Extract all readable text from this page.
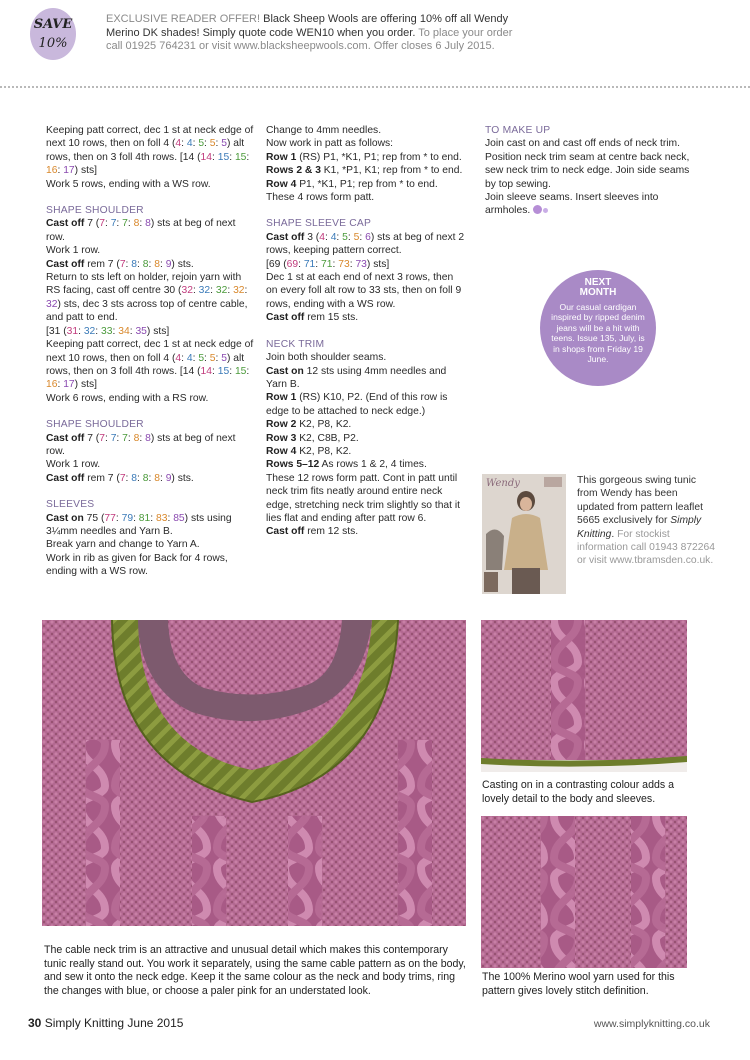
SAVE
10%
EXCLUSIVE READER OFFER! Black Sheep Wools are offering 10% off all Wendy Merino DK shades! Simply quote code WEN10 when you order. To place your order call 01925 764231 or visit www.blacksheepwools.com. Offer closes 6 July 2015.

Keeping patt correct, dec 1 st at neck edge of next 10 rows, then on foll 4 (4: 4: 5: 5: 5) alt rows, then on 3 foll 4th rows. [14 (14: 15: 15: 16: 17) sts]
Work 5 rows, ending with a WS row.

SHAPE SHOULDER

Cast off 7 (7: 7: 7: 8: 8) sts at beg of next row.
Work 1 row.
Cast off rem 7 (7: 8: 8: 8: 9) sts.
Return to sts left on holder, rejoin yarn with RS facing, cast off centre 30 (32: 32: 32: 32: 32) sts, dec 3 sts across top of centre cable, and patt to end.
[31 (31: 32: 33: 34: 35) sts]
Keeping patt correct, dec 1 st at neck edge of next 10 rows, then on foll 4 (4: 4: 5: 5: 5) alt rows, then on 3 foll 4th rows. [14 (14: 15: 15: 16: 17) sts]
Work 6 rows, ending with a RS row.

SHAPE SHOULDER

Cast off 7 (7: 7: 7: 8: 8) sts at beg of next row.
Work 1 row.
Cast off rem 7 (7: 8: 8: 8: 9) sts.

SLEEVES

Cast on 75 (77: 79: 81: 83: 85) sts using 3¼mm needles and Yarn B.
Break yarn and change to Yarn A.
Work in rib as given for Back for 4 rows, ending with a WS row.

Change to 4mm needles.
Now work in patt as follows:
Row 1 (RS) P1, *K1, P1; rep from * to end.
Rows 2 & 3 K1, *P1, K1; rep from * to end.
Row 4 P1, *K1, P1; rep from * to end.
These 4 rows form patt.

SHAPE SLEEVE CAP

Cast off 3 (4: 4: 5: 5: 6) sts at beg of next 2 rows, keeping pattern correct.
[69 (69: 71: 71: 73: 73) sts]
Dec 1 st at each end of next 3 rows, then on every foll alt row to 33 sts, then on foll 9 rows, ending with a WS row.
Cast off rem 15 sts.

NECK TRIM

Join both shoulder seams.
Cast on 12 sts using 4mm needles and Yarn B.
Row 1 (RS) K10, P2. (End of this row is edge to be attached to neck edge.)
Row 2 K2, P8, K2.
Row 3 K2, C8B, P2.
Row 4 K2, P8, K2.
Rows 5–12 As rows 1 & 2, 4 times.
These 12 rows form patt. Cont in patt until neck trim fits neatly around entire neck edge, stretching neck trim slightly so that it lies flat and ending after patt row 6.
Cast off rem 12 sts.

TO MAKE UP

Join cast on and cast off ends of neck trim.
Position neck trim seam at centre back neck, sew neck trim to neck edge. Join side seams by top sewing.
Join sleeve seams. Insert sleeves into armholes.

NEXT
MONTH
Our casual cardigan inspired by ripped denim jeans will be a hit with teens. Issue 135, July, is in shops from Friday 19 June.
Wendy	This gorgeous swing tunic from Wendy has been updated from pattern leaflet 5665 exclusively for Simply Knitting. For stockist information call 01943 872264 or visit www.tbramsden.co.uk.
The cable neck trim is an attractive and unusual detail which makes this contemporary tunic really stand out. You work it separately, using the same cable pattern as on the body, and sew it onto the neck edge. Keep it the same colour as the neck and body trims, ring the changes with blue, or choose a paler pink for an understated look.
Casting on in a contrasting colour adds a lovely detail to the body and sleeves.
The 100% Merino wool yarn used for this pattern gives lovely stitch definition.
30 Simply Knitting June 2015	www.simplyknitting.co.uk
